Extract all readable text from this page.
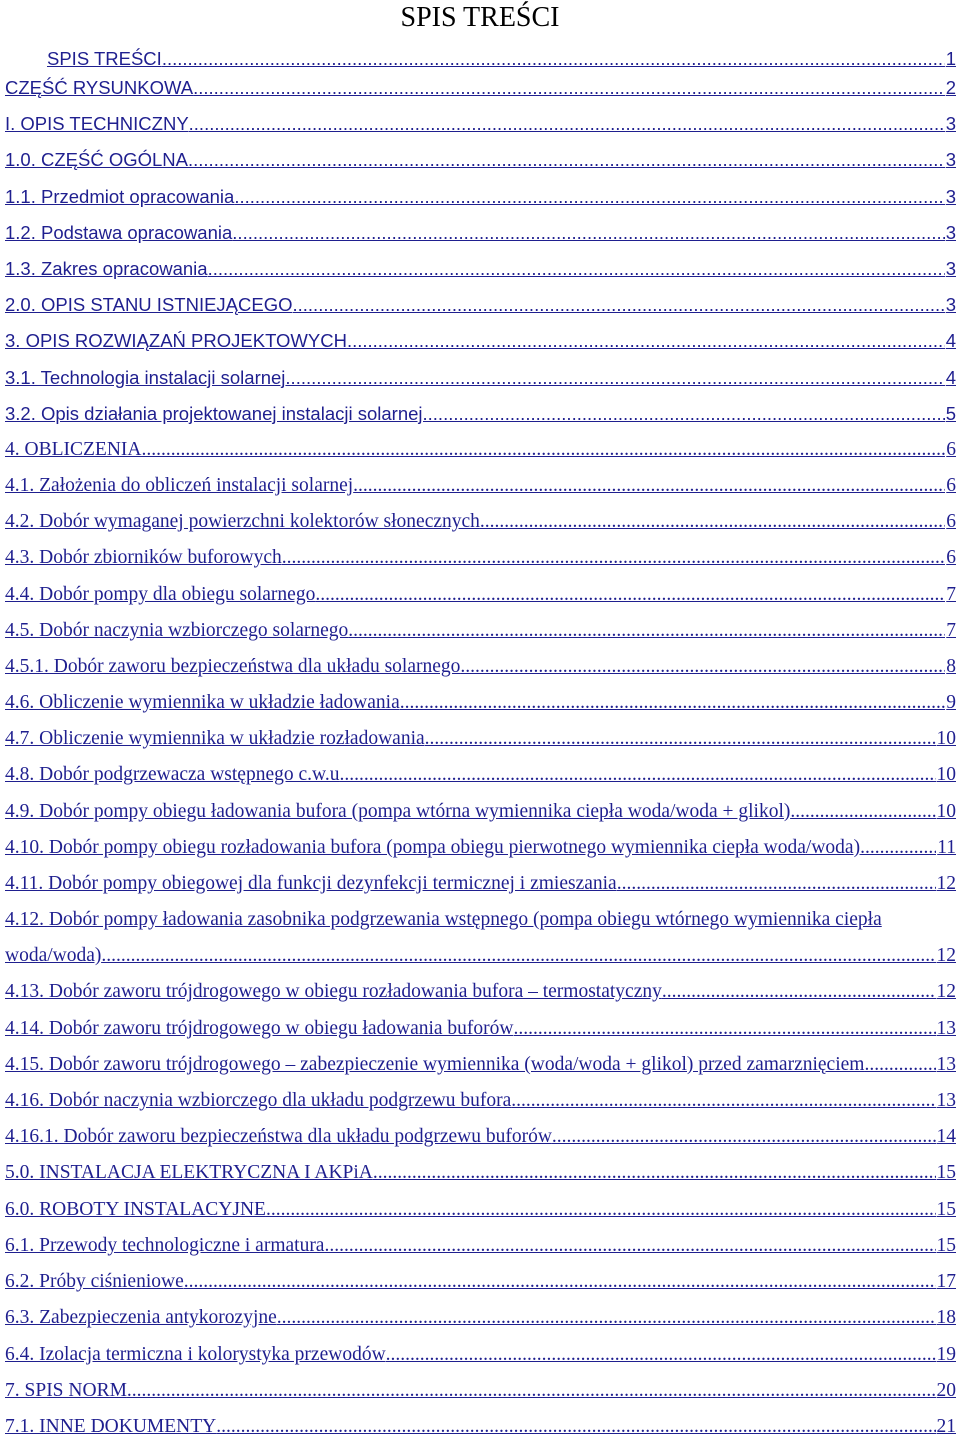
SPIS TREŚCI
SPIS TREŚCI .....	1
CZĘŚĆ RYSUNKOWA .....	2
I. OPIS TECHNICZNY .....	3
1.0. CZĘŚĆ OGÓLNA .....	3
1.1. Przedmiot opracowania .....	3
1.2. Podstawa opracowania .....	3
1.3. Zakres opracowania .....	3
2.0. OPIS STANU ISTNIEJĄCEGO .....	3
3. OPIS ROZWIĄZAŃ PROJEKTOWYCH .....	4
3.1. Technologia instalacji solarnej .....	4
3.2. Opis działania projektowanej instalacji solarnej .....	5
4. OBLICZENIA .....	6
4.1. Założenia do obliczeń instalacji solarnej .....	6
4.2. Dobór wymaganej powierzchni kolektorów słonecznych .....	6
4.3. Dobór zbiorników buforowych .....	6
4.4. Dobór pompy dla obiegu solarnego .....	7
4.5. Dobór naczynia wzbiorczego solarnego .....	7
4.5.1. Dobór zaworu bezpieczeństwa dla układu solarnego .....	8
4.6. Obliczenie wymiennika w układzie ładowania .....	9
4.7. Obliczenie wymiennika w układzie rozładowania .....	10
4.8. Dobór podgrzewacza wstępnego c.w.u .....	10
4.9. Dobór pompy obiegu ładowania bufora (pompa wtórna wymiennika ciepła woda/woda + glikol) .....	10
4.10. Dobór pompy obiegu rozładowania bufora (pompa obiegu pierwotnego wymiennika ciepła woda/woda) .....	11
4.11. Dobór pompy obiegowej dla funkcji dezynfekcji termicznej i zmieszania .....	12
4.12. Dobór pompy ładowania zasobnika podgrzewania wstępnego (pompa obiegu wtórnego wymiennika ciepła
woda/woda) .....	12
4.13. Dobór zaworu trójdrogowego w obiegu rozładowania bufora – termostatyczny .....	12
4.14. Dobór zaworu trójdrogowego w obiegu ładowania buforów .....	13
4.15. Dobór zaworu trójdrogowego – zabezpieczenie wymiennika (woda/woda + glikol) przed zamarznięciem .....	13
4.16. Dobór naczynia wzbiorczego dla układu podgrzewu bufora .....	13
4.16.1. Dobór zaworu bezpieczeństwa dla układu podgrzewu buforów .....	14
5.0. INSTALACJA ELEKTRYCZNA I AKPiA .....	15
6.0. ROBOTY INSTALACYJNE .....	15
6.1. Przewody technologiczne i armatura .....	15
6.2. Próby ciśnieniowe .....	17
6.3. Zabezpieczenia antykorozyjne .....	18
6.4. Izolacja termiczna i kolorystyka przewodów .....	19
7. SPIS NORM .....	20
7.1. INNE DOKUMENTY .....	21
